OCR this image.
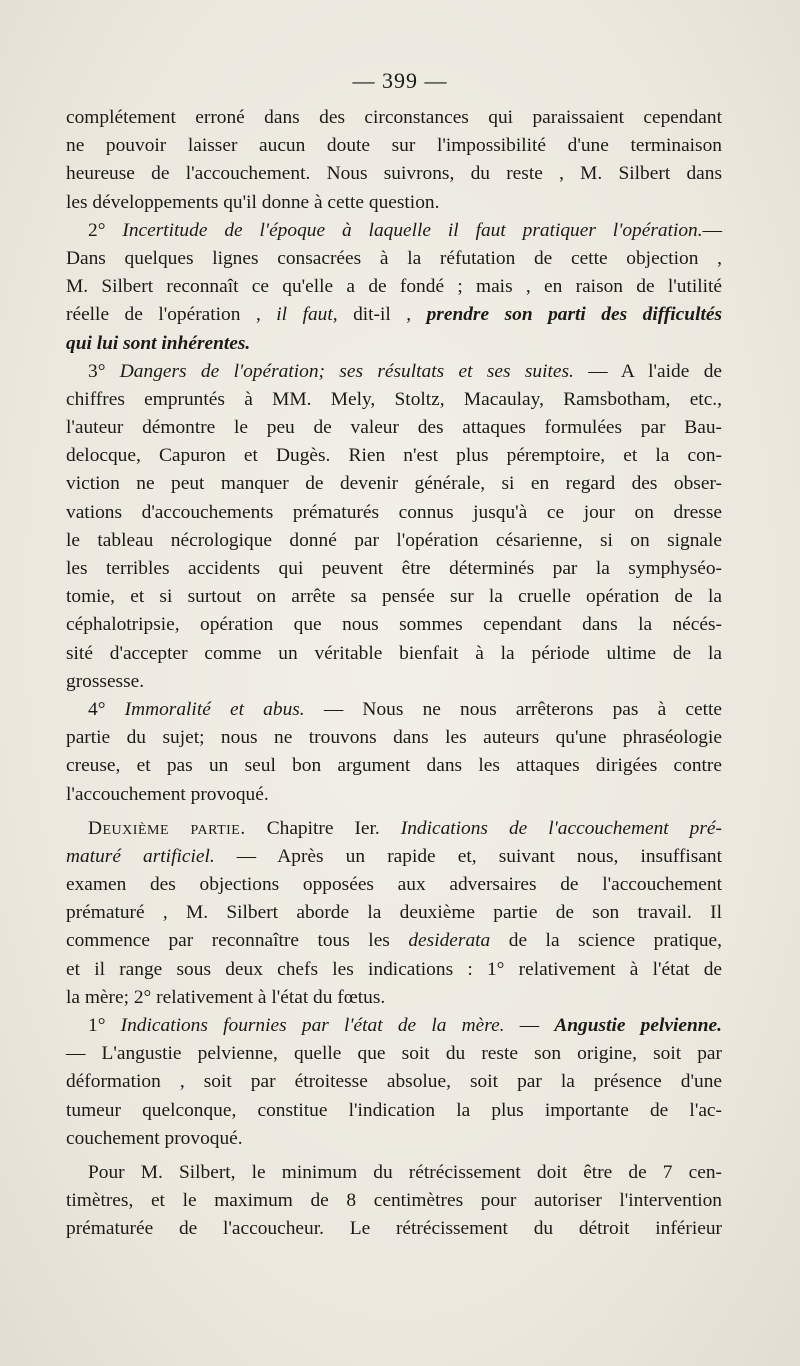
— 399 —
complétement erroné dans des circonstances qui paraissaient cependant
ne pouvoir laisser aucun doute sur l'impossibilité d'une terminaison
heureuse de l'accouchement. Nous suivrons, du reste , M. Silbert dans
les développements qu'il donne à cette question.
2° Incertitude de l'époque à laquelle il faut pratiquer l'opération.—
Dans quelques lignes consacrées à la réfutation de cette objection ,
M. Silbert reconnaît ce qu'elle a de fondé ; mais , en raison de l'utilité
réelle de l'opération , il faut, dit-il , prendre son parti des difficultés
qui lui sont inhérentes.
3° Dangers de l'opération; ses résultats et ses suites. — A l'aide de
chiffres empruntés à MM. Mely, Stoltz, Macaulay, Ramsbotham, etc.,
l'auteur démontre le peu de valeur des attaques formulées par Bau-
delocque, Capuron et Dugès. Rien n'est plus péremptoire, et la con-
viction ne peut manquer de devenir générale, si en regard des obser-
vations d'accouchements prématurés connus jusqu'à ce jour on dresse
le tableau nécrologique donné par l'opération césarienne, si on signale
les terribles accidents qui peuvent être déterminés par la symphyséo-
tomie, et si surtout on arrête sa pensée sur la cruelle opération de la
céphalotripsie, opération que nous sommes cependant dans la nécés-
sité d'accepter comme un véritable bienfait à la période ultime de la
grossesse.
4° Immoralité et abus. — Nous ne nous arrêterons pas à cette
partie du sujet; nous ne trouvons dans les auteurs qu'une phraséologie
creuse, et pas un seul bon argument dans les attaques dirigées contre
l'accouchement provoqué.
Deuxième partie. Chapitre Ier. Indications de l'accouchement pré-
maturé artificiel. — Après un rapide et, suivant nous, insuffisant
examen des objections opposées aux adversaires de l'accouchement
prématuré , M. Silbert aborde la deuxième partie de son travail. Il
commence par reconnaître tous les desiderata de la science pratique,
et il range sous deux chefs les indications : 1° relativement à l'état de
la mère; 2° relativement à l'état du fœtus.
1° Indications fournies par l'état de la mère. — Angustie pelvienne.
— L'angustie pelvienne, quelle que soit du reste son origine, soit par
déformation , soit par étroitesse absolue, soit par la présence d'une
tumeur quelconque, constitue l'indication la plus importante de l'ac-
couchement provoqué.
Pour M. Silbert, le minimum du rétrécissement doit être de 7 cen-
timètres, et le maximum de 8 centimètres pour autoriser l'intervention
prématurée de l'accoucheur. Le rétrécissement du détroit inférieur
